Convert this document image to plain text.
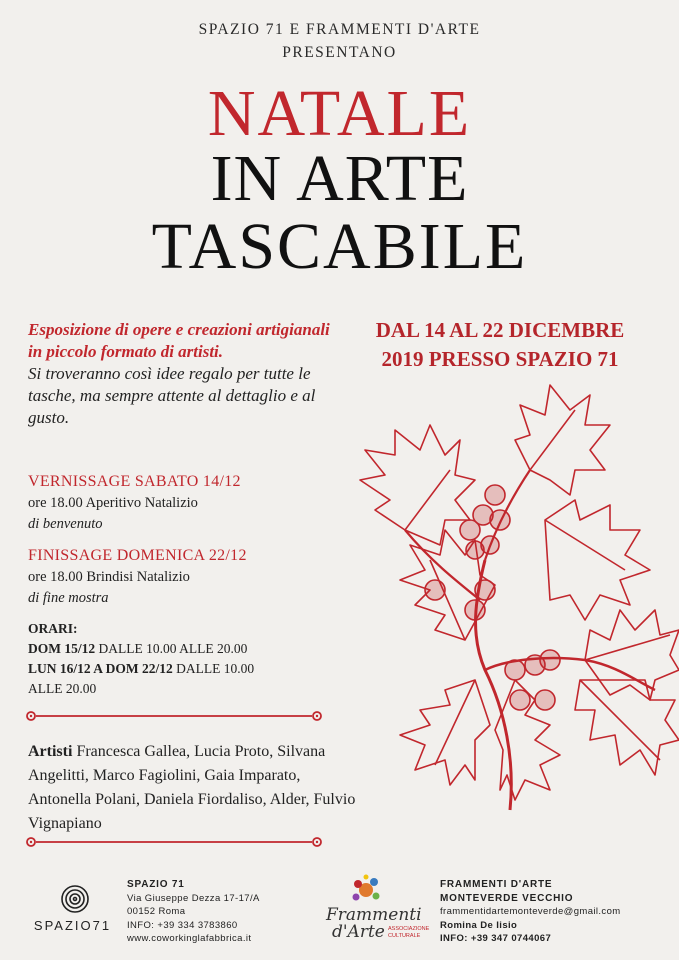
SPAZIO 71 E FRAMMENTI D'ARTE
PRESENTANO
NATALE
IN ARTE
TASCABILE
DAL 14 AL 22 DICEMBRE
2019 PRESSO SPAZIO 71
Esposizione di opere e creazioni artigianali in piccolo formato di artisti.
Si troveranno così idee regalo per tutte le tasche, ma sempre attente al dettaglio e al gusto.
VERNISSAGE SABATO 14/12
ore 18.00 Aperitivo Natalizio
di benvenuto
FINISSAGE DOMENICA 22/12
ore 18.00 Brindisi Natalizio
di fine mostra
ORARI:
DOM 15/12 DALLE 10.00 ALLE 20.00
LUN 16/12 A DOM 22/12 DALLE 10.00
ALLE 20.00
Artisti Francesca Gallea, Lucia Proto, Silvana Angelitti, Marco Fagiolini, Gaia Imparato, Antonella Polani, Daniela Fiordaliso, Alder, Fulvio Vignapiano
SPAZIO71
SPAZIO 71
Via Giuseppe Dezza 17-17/A
00152 Roma
INFO: +39 334 3783860
www.coworkinglafabbrica.it
Frammenti
d'Arte ASSOCIAZIONE CULTURALE
FRAMMENTI D'ARTE
MONTEVERDE VECCHIO
frammentidartemonteverde@gmail.com
Romina De Iisio
INFO: +39 347 0744067
